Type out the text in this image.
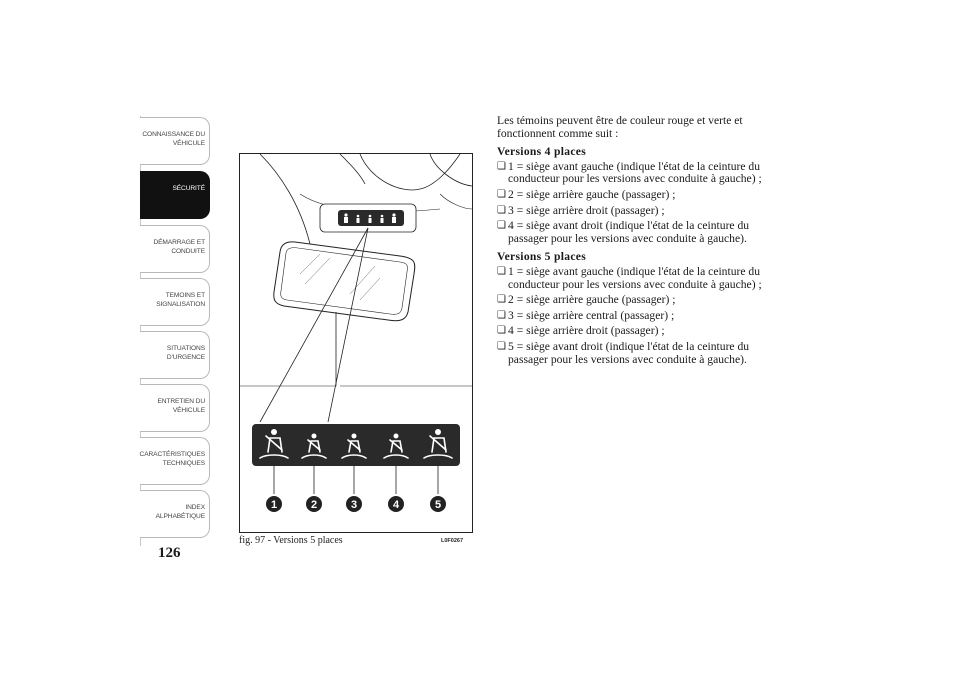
CONNAISSANCE DU
VÉHICULE
SÉCURITÉ
DÉMARRAGE ET
CONDUITE
TEMOINS ET
SIGNALISATION
SITUATIONS
D'URGENCE
ENTRETIEN DU
VÉHICULE
CARACTÉRISTIQUES
TECHNIQUES
INDEX
ALPHABÉTIQUE
126
1	2	3	4	5
fig. 97 - Versions 5 places	L0F0267

Les témoins peuvent être de couleur rouge et verte et fonctionnent comme suit :

Versions 4 places
❏ 1 = siège avant gauche (indique l'état de la ceinture du conducteur pour les versions avec conduite à gauche) ;
❏ 2 = siège arrière gauche (passager) ;
❏ 3 = siège arrière droit (passager) ;
❏ 4 = siège avant droit (indique l'état de la ceinture du passager pour les versions avec conduite à gauche).
Versions 5 places
❏ 1 = siège avant gauche (indique l'état de la ceinture du conducteur pour les versions avec conduite à gauche) ;
❏ 2 = siège arrière gauche (passager) ;
❏ 3 = siège arrière central (passager) ;
❏ 4 = siège arrière droit (passager) ;
❏ 5 = siège avant droit (indique l'état de la ceinture du passager pour les versions avec conduite à gauche).
